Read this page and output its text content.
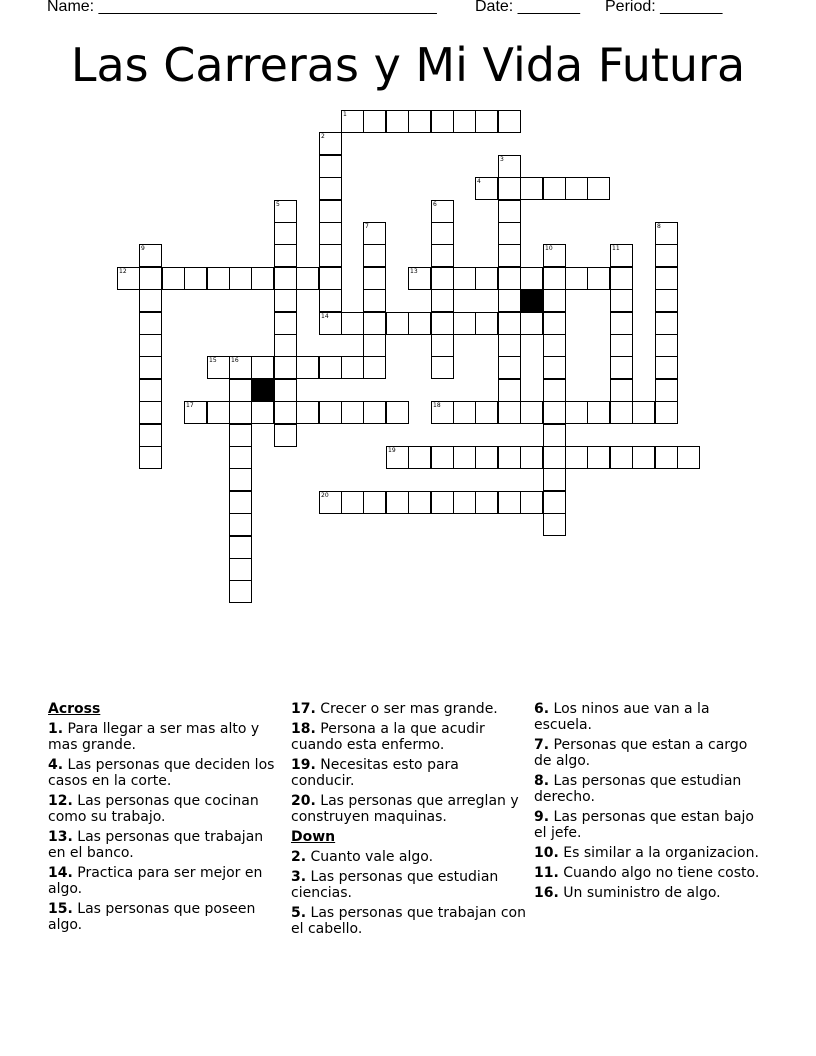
Name: ______________________________________ Date: _______ Period: _______
Las Carreras y Mi Vida Futura
1
2
3
4
5	6
7	8
9	10	11
12	13
14
15 16
17	18
19
20
Across
1. Para llegar a ser mas alto y mas grande.
4. Las personas que deciden los casos en la corte.
12. Las personas que cocinan como su trabajo.
13. Las personas que trabajan en el banco.
14. Practica para ser mejor en algo.
15. Las personas que poseen algo.
17. Crecer o ser mas grande.
18. Persona a la que acudir cuando esta enfermo.
19. Necesitas esto para conducir.
20. Las personas que arreglan y construyen maquinas.
Down
2. Cuanto vale algo.
3. Las personas que estudian ciencias.
5. Las personas que trabajan con el cabello.
6. Los ninos aue van a la escuela.
7. Personas que estan a cargo de algo.
8. Las personas que estudian derecho.
9. Las personas que estan bajo el jefe.
10. Es similar a la organizacion.
11. Cuando algo no tiene costo.
16. Un suministro de algo.
